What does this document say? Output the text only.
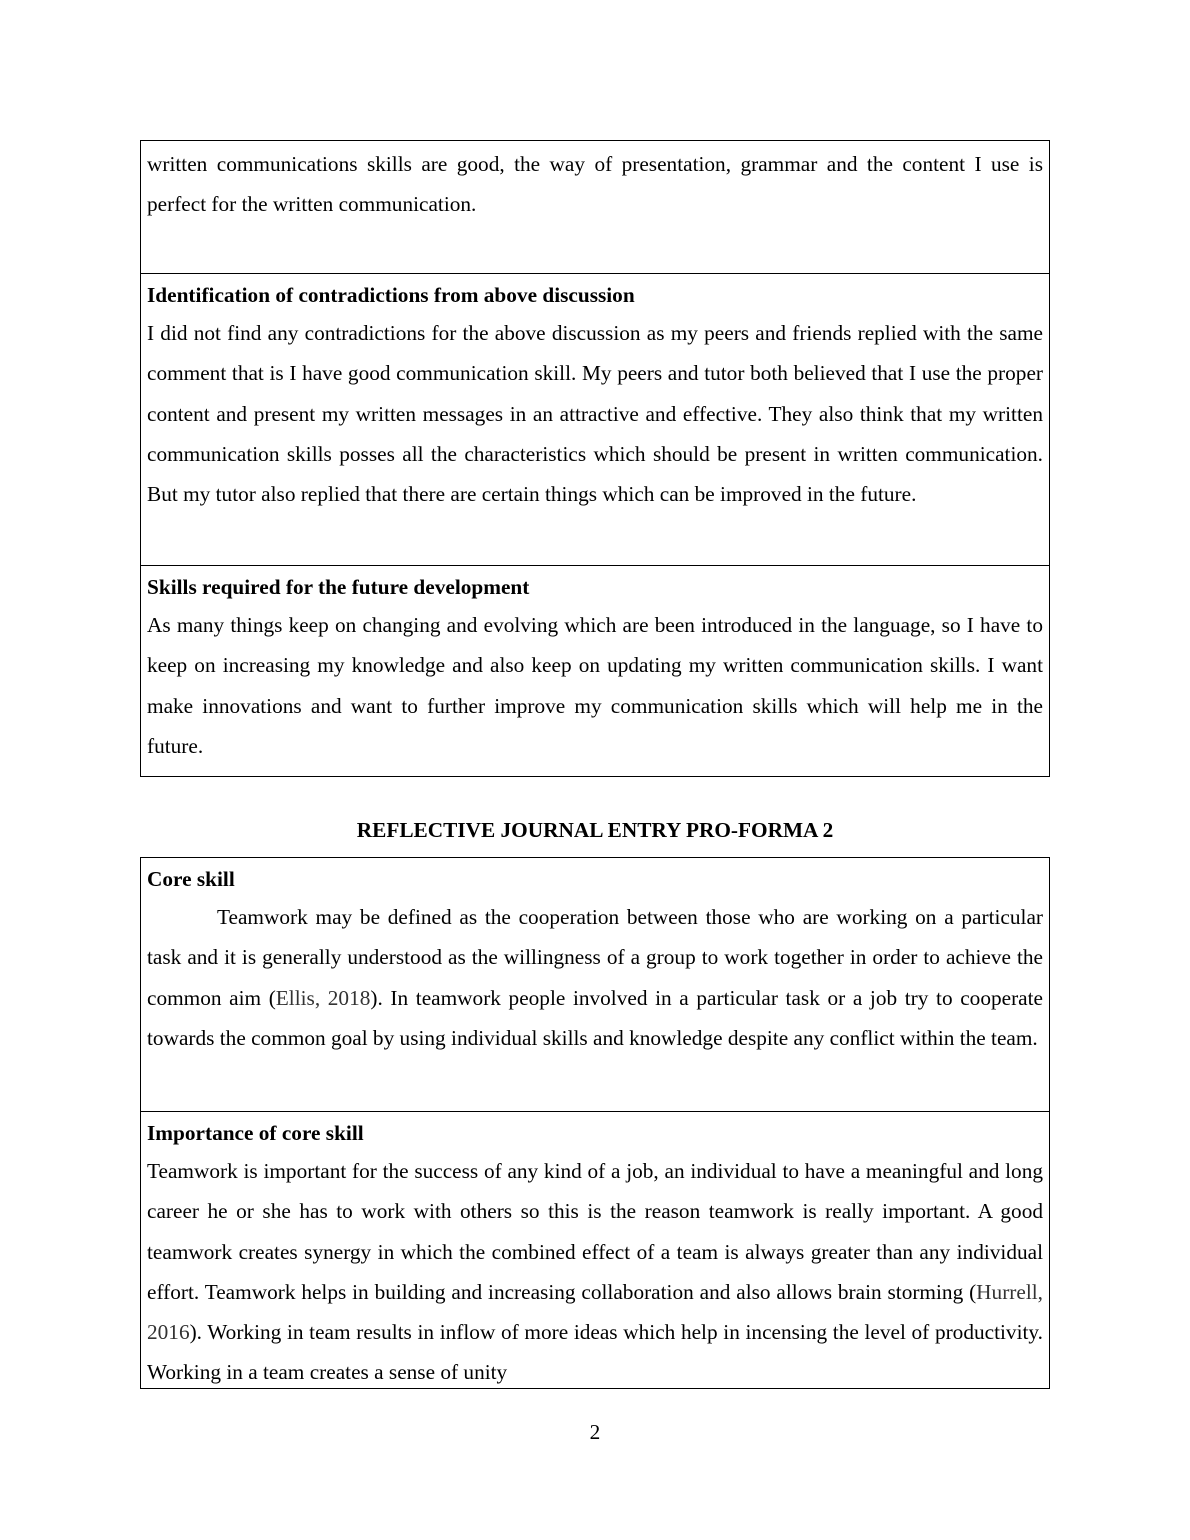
written communications skills are good, the way of presentation, grammar and the content I use is perfect for the written communication.
Identification of contradictions from above discussion
I did not find any contradictions for the above discussion as my peers and friends replied with the same comment that is I have good communication skill. My peers and tutor both believed that I use the proper content and present my written messages in an attractive and effective. They also think that my written communication skills posses all the characteristics which should be present in written communication. But my tutor also replied that there are certain things which can be improved in the future.
Skills required for the future development
As many things keep on changing and evolving which are been introduced in the language, so I have to keep on increasing my knowledge and also keep on updating my written communication skills. I want make innovations and want to further improve my communication skills which will help me in the future.
REFLECTIVE JOURNAL ENTRY PRO-FORMA 2
Core skill
Teamwork may be defined as the cooperation between those who are working on a particular task and it is generally understood as the willingness of a group to work together in order to achieve the common aim (Ellis, 2018). In teamwork people involved in a particular task or a job try to cooperate towards the common goal by using individual skills and knowledge despite any conflict within the team.
Importance of core skill
Teamwork is important for the success of any kind of a job, an individual to have a meaningful and long career he or she has to work with others so this is the reason teamwork is really important. A good teamwork creates synergy in which the combined effect of a team is always greater than any individual effort. Teamwork helps in building and increasing collaboration and also allows brain storming (Hurrell, 2016). Working in team results in inflow of more ideas which help in incensing the level of productivity. Working in a team creates a sense of unity
2
